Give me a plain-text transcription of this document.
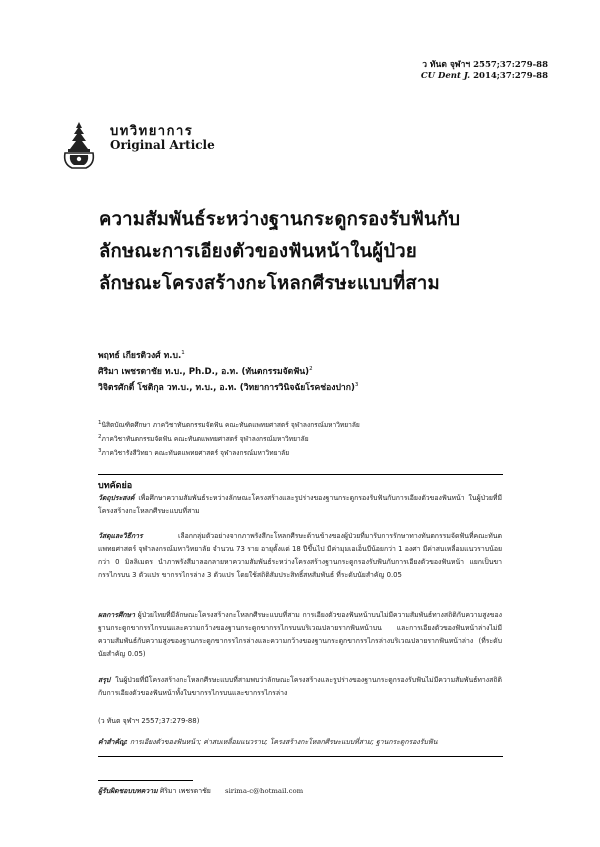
ว ทันต จุฬาฯ 2557;37:279-88
CU Dent J. 2014;37:279-88
บทวิทยาการ
Original Article
ความสัมพันธ์ระหว่างฐานกระดูกรองรับฟันกับ
ลักษณะการเอียงตัวของฟันหน้าในผู้ป่วย
ลักษณะโครงสร้างกะโหลกศีรษะแบบที่สาม
พฤทธ์ เกียรติวงศ์ ท.บ.$^1$
ศิริมา เพชรดาชัย ท.บ., Ph.D., อ.ท. (ทันตกรรมจัดฟัน)$^2$
วิจิตรศักดิ์ โชติกุล วท.บ., ท.บ., อ.ท. (วิทยาการวินิจฉัยโรคช่องปาก)$^3$
$^1$นิสิตบัณฑิตศึกษา ภาควิชาทันตกรรมจัดฟัน คณะทันตแพทยศาสตร์ จุฬาลงกรณ์มหาวิทยาลัย
$^2$ภาควิชาทันตกรรมจัดฟัน คณะทันตแพทยศาสตร์ จุฬาลงกรณ์มหาวิทยาลัย
$^3$ภาควิชารังสีวิทยา คณะทันตแพทยศาสตร์ จุฬาลงกรณ์มหาวิทยาลัย
บทคัดย่อ
วัตถุประสงค์ เพื่อศึกษาความสัมพันธ์ระหว่างลักษณะโครงสร้างและรูปร่างของฐานกระดูกรองรับฟันกับการเอียงตัวของฟันหน้า ในผู้ป่วยที่มีโครงสร้างกะโหลกศีรษะแบบที่สาม
วัสดุและวิธีการ	เลือกกลุ่มตัวอย่างจากภาพรังสีกะโหลกศีรษะด้านข้างของผู้ป่วยที่มารับการรักษาทางทันตกรรมจัดฟันที่คณะทันตแพทยศาสตร์ จุฬาลงกรณ์มหาวิทยาลัย จำนวน 73 ราย อายุตั้งแต่ 18 ปีขึ้นไป มีค่ามุมเอเอ็นบีน้อยกว่า 1 องศา มีค่าสบเหลื่อมแนวราบน้อยกว่า 0 มิลลิเมตร นำภาพรังสีมาลอกลายหาความสัมพันธ์ระหว่างโครงสร้างฐานกระดูกรองรับฟันกับการเอียงตัวของฟันหน้า แยกเป็นขากรรไกรบน 3 ตัวแปร ขากรรไกรล่าง 3 ตัวแปร โดยใช้สถิติสัมประสิทธิ์สหสัมพันธ์ ที่ระดับนัยสำคัญ 0.05
ผลการศึกษา ผู้ป่วยไทยที่มีลักษณะโครงสร้างกะโหลกศีรษะแบบที่สาม การเอียงตัวของฟันหน้าบนไม่มีความสัมพันธ์ทางสถิติกับความสูงของฐานกระดูกขากรรไกรบนและความกว้างของฐานกระดูกขากรรไกรบนบริเวณปลายรากฟันหน้าบน และการเอียงตัวของฟันหน้าล่างไม่มีความสัมพันธ์กับความสูงของฐานกระดูกขากรรไกรล่างและความกว้างของฐานกระดูกขากรรไกรล่างบริเวณปลายรากฟันหน้าล่าง (ที่ระดับนัยสำคัญ 0.05)
สรุป ในผู้ป่วยที่มีโครงสร้างกะโหลกศีรษะแบบที่สามพบว่าลักษณะโครงสร้างและรูปร่างของฐานกระดูกรองรับฟันไม่มีความสัมพันธ์ทางสถิติกับการเอียงตัวของฟันหน้าทั้งในขากรรไกรบนและขากรรไกรล่าง
(ว ทันต จุฬาฯ 2557;37:279-88)
คำสำคัญ: การเอียงตัวของฟันหน้า; ค่าสบเหลื่อมแนวราบ; โครงสร้างกะโหลกศีรษะแบบที่สาม; ฐานกระดูกรองรับฟัน
ผู้รับผิดชอบบทความ ศิริมา เพชรดาชัย sirima-c@hotmail.com
